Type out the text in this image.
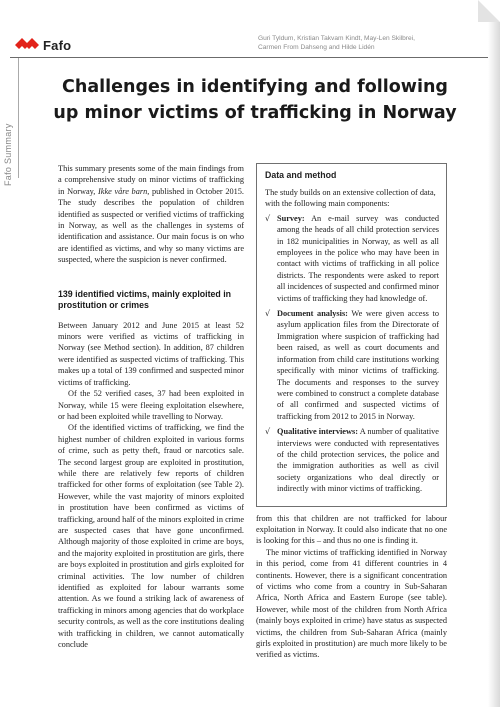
Fafo	Guri Tyldum, Kristian Takvam Kindt, May-Len Skilbrei,
Carmen From Dahseng and Hilde Lidén
Fafo Summary
Challenges in identifying and following
up minor victims of trafficking in Norway

This summary presents some of the main findings from a comprehensive study on minor victims of trafficking in Norway, Ikke våre barn, published in October 2015. The study describes the population of children identified as suspected or verified victims of trafficking in Norway, as well as the challenges in systems of identification and assistance. Our main focus is on who are identified as victims, and why so many victims are suspected, where the suspicion is never confirmed.

139 identified victims, mainly exploited in prostitution or crimes

Between January 2012 and June 2015 at least 52 minors were verified as victims of trafficking in Norway (see Method section). In addition, 87 children were identified as suspected victims of trafficking. This makes up a total of 139 confirmed and suspected minor victims of trafficking.

Of the 52 verified cases, 37 had been exploited in Norway, while 15 were fleeing exploitation elsewhere, or had been exploited while travelling to Norway.

Of the identified victims of trafficking, we find the highest number of children exploited in various forms of crime, such as petty theft, fraud or narcotics sale. The second largest group are exploited in prostitution, while there are relatively few reports of children trafficked for other forms of exploitation (see Table 2). However, while the vast majority of minors exploited in prostitution have been confirmed as victims of trafficking, around half of the minors exploited in crime are suspected cases that have gone unconfirmed. Although majority of those exploited in crime are boys, and the majority exploited in prostitution are girls, there are boys exploited in prostitution and girls exploited for criminal activities. The low number of children identified as exploited for labour warrants some attention. As we found a striking lack of awareness of trafficking in minors among agencies that do workplace security controls, as well as the core institutions dealing with trafficking in children, we cannot automatically conclude

Data and method

The study builds on an extensive collection of data, with the following main components:

√ Survey: An e-mail survey was conducted among the heads of all child protection services in 182 municipalities in Norway, as well as all employees in the police who may have been in contact with victims of trafficking in all police districts. The respondents were asked to report all incidences of suspected and confirmed minor victims of trafficking they had knowledge of.

√ Document analysis: We were given access to asylum application files from the Directorate of Immigration where suspicion of trafficking had been raised, as well as court documents and information from child care institutions working specifically with minor victims of trafficking. The documents and responses to the survey were combined to construct a complete database of all confirmed and suspected victims of trafficking from 2012 to 2015 in Norway.

√ Qualitative interviews: A number of qualitative interviews were conducted with representatives of the child protection services, the police and the immigration authorities as well as civil society organizations who deal directly or indirectly with minor victims of trafficking.

from this that children are not trafficked for labour exploitation in Norway. It could also indicate that no one is looking for this – and thus no one is finding it.

The minor victims of trafficking identified in Norway in this period, come from 41 different countries in 4 continents. However, there is a significant concentration of victims who come from a country in Sub-Saharan Africa, North Africa and Eastern Europe (see table). However, while most of the children from North Africa (mainly boys exploited in crime) have status as suspected victims, the children from Sub-Saharan Africa (mainly girls exploited in prostitution) are much more likely to be verified as victims.
